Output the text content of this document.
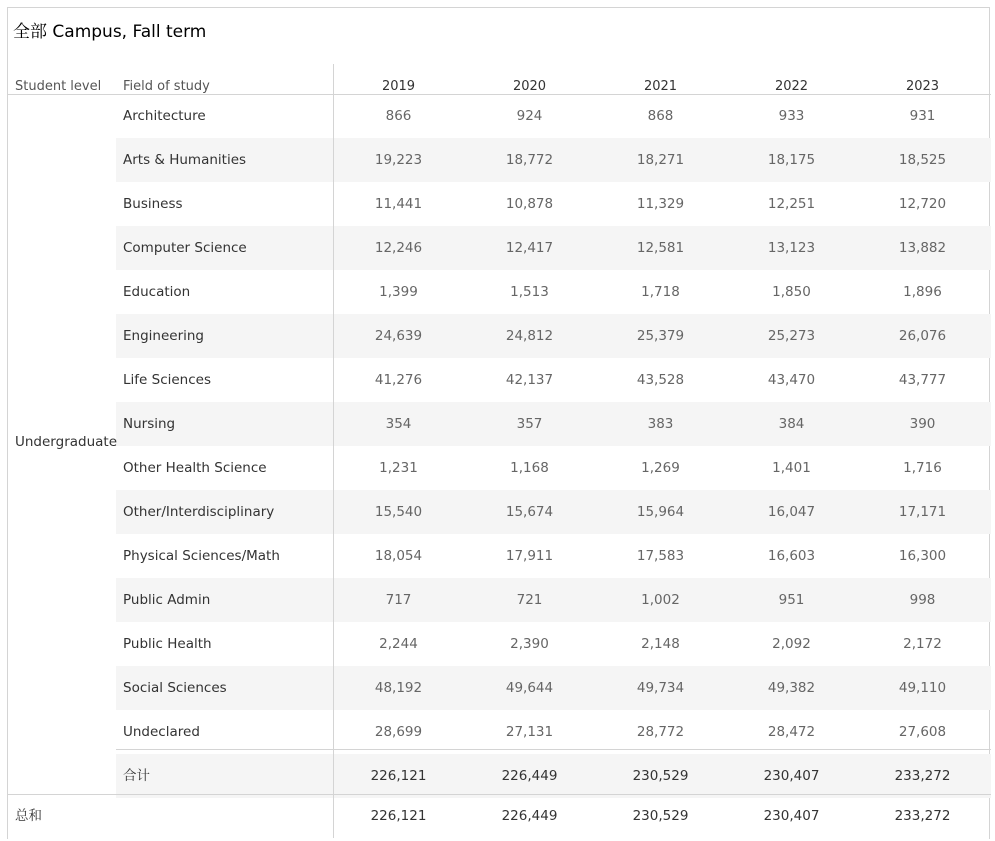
全部 Campus, Fall term
Student level Field of study	2019	2020	2021	2022	2023
Architecture	866	924	868	933	931
Arts & Humanities	19,223	18,772	18,271	18,175	18,525
Business	11,441	10,878	11,329	12,251	12,720
Computer Science	12,246	12,417	12,581	13,123	13,882
Education	1,399	1,513	1,718	1,850	1,896
Engineering	24,639	24,812	25,379	25,273	26,076
Life Sciences	41,276	42,137	43,528	43,470	43,777
Nursing	354	357	383	384	390
Other Health Science	1,231	1,168	1,269	1,401	1,716
Other/Interdisciplinary	15,540	15,674	15,964	16,047	17,171
Physical Sciences/Math	18,054	17,911	17,583	16,603	16,300
Public Admin	717	721	1,002	951	998
Public Health	2,244	2,390	2,148	2,092	2,172
Social Sciences	48,192	49,644	49,734	49,382	49,110
Undeclared	28,699	27,131	28,772	28,472	27,608
合计	226,121	226,449	230,529	230,407	233,272
Undergraduate
总和	226,121	226,449	230,529	230,407	233,272
